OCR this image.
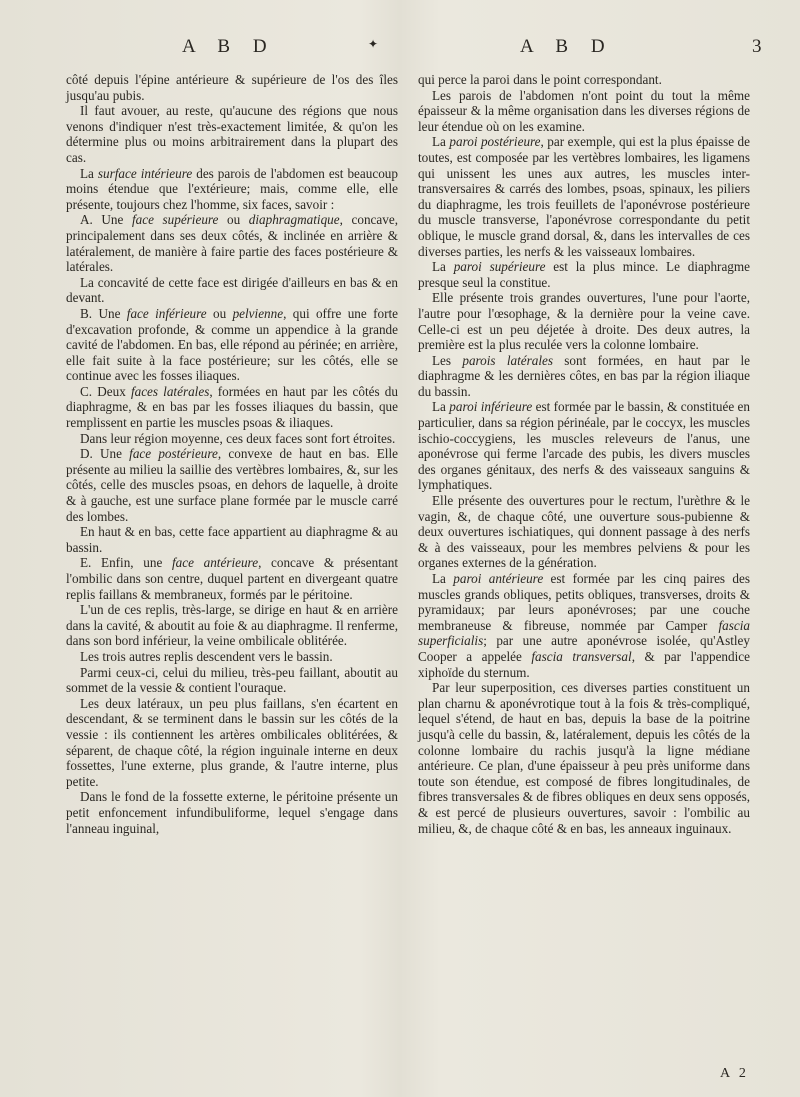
A B D	✦	A B D	3

côté depuis l'épine antérieure & supérieure de l'os des îles jusqu'au pubis.

Il faut avouer, au reste, qu'aucune des régions que nous venons d'indiquer n'est très-exactement limitée, & qu'on les détermine plus ou moins arbitrairement dans la plupart des cas.

La surface intérieure des parois de l'abdomen est beaucoup moins étendue que l'extérieure; mais, comme elle, elle présente, toujours chez l'homme, six faces, savoir :

A. Une face supérieure ou diaphragmatique, concave, principalement dans ses deux côtés, & inclinée en arrière & latéralement, de manière à faire partie des faces postérieure & latérales.

La concavité de cette face est dirigée d'ailleurs en bas & en devant.

B. Une face inférieure ou pelvienne, qui offre une forte d'excavation profonde, & comme un appendice à la grande cavité de l'abdomen. En bas, elle répond au périnée; en arrière, elle fait suite à la face postérieure; sur les côtés, elle se continue avec les fosses iliaques.

C. Deux faces latérales, formées en haut par les côtés du diaphragme, & en bas par les fosses iliaques du bassin, que remplissent en partie les muscles psoas & iliaques.

Dans leur région moyenne, ces deux faces sont fort étroites.

D. Une face postérieure, convexe de haut en bas. Elle présente au milieu la saillie des vertèbres lombaires, &, sur les côtés, celle des muscles psoas, en dehors de laquelle, à droite & à gauche, est une surface plane formée par le muscle carré des lombes.

En haut & en bas, cette face appartient au diaphragme & au bassin.

E. Enfin, une face antérieure, concave & présentant l'ombilic dans son centre, duquel partent en divergeant quatre replis faillans & membraneux, formés par le péritoine.

L'un de ces replis, très-large, se dirige en haut & en arrière dans la cavité, & aboutit au foie & au diaphragme. Il renferme, dans son bord inférieur, la veine ombilicale oblitérée.

Les trois autres replis descendent vers le bassin.

Parmi ceux-ci, celui du milieu, très-peu faillant, aboutit au sommet de la vessie & contient l'ouraque.

Les deux latéraux, un peu plus faillans, s'en écartent en descendant, & se terminent dans le bassin sur les côtés de la vessie : ils contiennent les artères ombilicales oblitérées, & séparent, de chaque côté, la région inguinale interne en deux fossettes, l'une externe, plus grande, & l'autre interne, plus petite.

Dans le fond de la fossette externe, le péritoine présente un petit enfoncement infundibuliforme, lequel s'engage dans l'anneau inguinal,

qui perce la paroi dans le point correspondant.

Les parois de l'abdomen n'ont point du tout la même épaisseur & la même organisation dans les diverses régions de leur étendue où on les examine.

La paroi postérieure, par exemple, qui est la plus épaisse de toutes, est composée par les vertèbres lombaires, les ligamens qui unissent les unes aux autres, les muscles inter-transversaires & carrés des lombes, psoas, spinaux, les piliers du diaphragme, les trois feuillets de l'aponévrose postérieure du muscle transverse, l'aponévrose correspondante du petit oblique, le muscle grand dorsal, &, dans les intervalles de ces diverses parties, les nerfs & les vaisseaux lombaires.

La paroi supérieure est la plus mince. Le diaphragme presque seul la constitue.

Elle présente trois grandes ouvertures, l'une pour l'aorte, l'autre pour l'œsophage, & la dernière pour la veine cave. Celle-ci est un peu déjetée à droite. Des deux autres, la première est la plus reculée vers la colonne lombaire.

Les parois latérales sont formées, en haut par le diaphragme & les dernières côtes, en bas par la région iliaque du bassin.

La paroi inférieure est formée par le bassin, & constituée en particulier, dans sa région périnéale, par le coccyx, les muscles ischio-coccygiens, les muscles releveurs de l'anus, une aponévrose qui ferme l'arcade des pubis, les divers muscles des organes génitaux, des nerfs & des vaisseaux sanguins & lymphatiques.

Elle présente des ouvertures pour le rectum, l'urèthre & le vagin, &, de chaque côté, une ouverture sous-pubienne & deux ouvertures ischiatiques, qui donnent passage à des nerfs & à des vaisseaux, pour les membres pelviens & pour les organes externes de la génération.

La paroi antérieure est formée par les cinq paires des muscles grands obliques, petits obliques, transverses, droits & pyramidaux; par leurs aponévroses; par une couche membraneuse & fibreuse, nommée par Camper fascia superficialis; par une autre aponévrose isolée, qu'Astley Cooper a appelée fascia transversal, & par l'appendice xiphoïde du sternum.

Par leur superposition, ces diverses parties constituent un plan charnu & aponévrotique tout à la fois & très-compliqué, lequel s'étend, de haut en bas, depuis la base de la poitrine jusqu'à celle du bassin, &, latéralement, depuis les côtés de la colonne lombaire du rachis jusqu'à la ligne médiane antérieure. Ce plan, d'une épaisseur à peu près uniforme dans toute son étendue, est composé de fibres longitudinales, de fibres transversales & de fibres obliques en deux sens opposés, & est percé de plusieurs ouvertures, savoir : l'ombilic au milieu, &, de chaque côté & en bas, les anneaux inguinaux.

A 2
